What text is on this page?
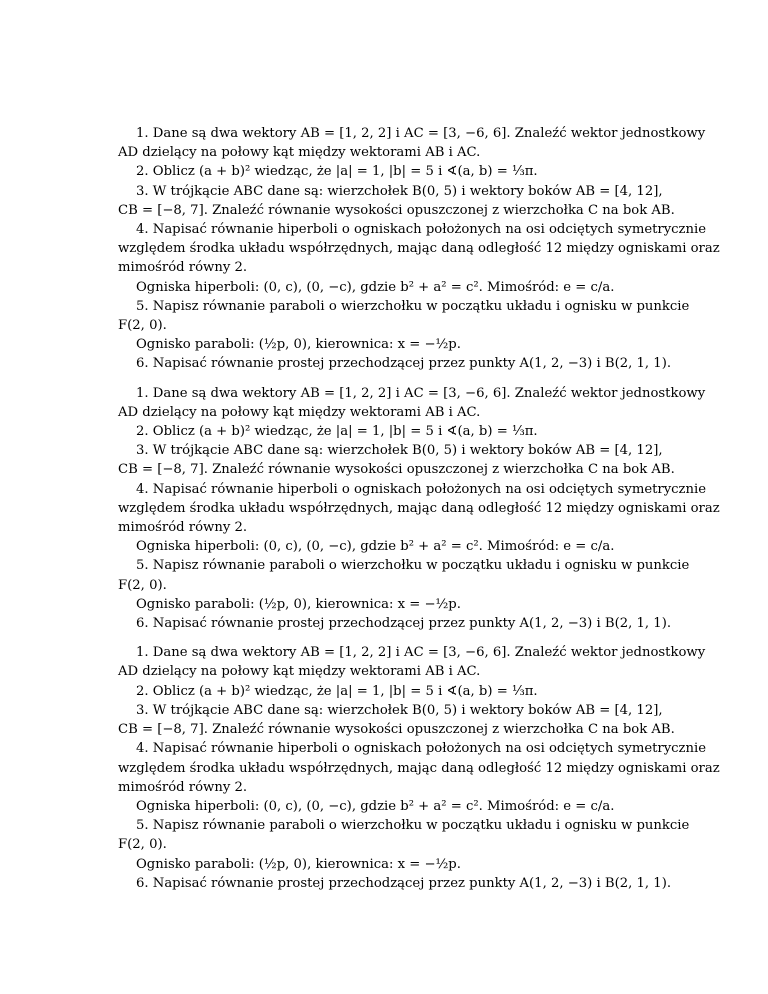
1. Dane są dwa wektory AB = [1, 2, 2] i AC = [3, −6, 6]. Znaleźć wektor jednostkowy
AD dzielący na połowy kąt między wektorami AB i AC.
2. Oblicz (a + b)² wiedząc, że |a| = 1, |b| = 5 i ∢(a, b) = ⅓π.
3. W trójkącie ABC dane są: wierzchołek B(0, 5) i wektory boków AB = [4, 12],
CB = [−8, 7]. Znaleźć równanie wysokości opuszczonej z wierzchołka C na bok AB.
4. Napisać równanie hiperboli o ogniskach położonych na osi odciętych symetrycznie
względem środka układu współrzędnych, mając daną odległość 12 między ogniskami oraz
mimośród równy 2.
Ogniska hiperboli: (0, c), (0, −c), gdzie b² + a² = c². Mimośród: e = c/a.
5. Napisz równanie paraboli o wierzchołku w początku układu i ognisku w punkcie
F(2, 0).
Ognisko paraboli: (½p, 0), kierownica: x = −½p.
6. Napisać równanie prostej przechodzącej przez punkty A(1, 2, −3) i B(2, 1, 1).
1. Dane są dwa wektory AB = [1, 2, 2] i AC = [3, −6, 6]. Znaleźć wektor jednostkowy
AD dzielący na połowy kąt między wektorami AB i AC.
2. Oblicz (a + b)² wiedząc, że |a| = 1, |b| = 5 i ∢(a, b) = ⅓π.
3. W trójkącie ABC dane są: wierzchołek B(0, 5) i wektory boków AB = [4, 12],
CB = [−8, 7]. Znaleźć równanie wysokości opuszczonej z wierzchołka C na bok AB.
4. Napisać równanie hiperboli o ogniskach położonych na osi odciętych symetrycznie
względem środka układu współrzędnych, mając daną odległość 12 między ogniskami oraz
mimośród równy 2.
Ogniska hiperboli: (0, c), (0, −c), gdzie b² + a² = c². Mimośród: e = c/a.
5. Napisz równanie paraboli o wierzchołku w początku układu i ognisku w punkcie
F(2, 0).
Ognisko paraboli: (½p, 0), kierownica: x = −½p.
6. Napisać równanie prostej przechodzącej przez punkty A(1, 2, −3) i B(2, 1, 1).
1. Dane są dwa wektory AB = [1, 2, 2] i AC = [3, −6, 6]. Znaleźć wektor jednostkowy
AD dzielący na połowy kąt między wektorami AB i AC.
2. Oblicz (a + b)² wiedząc, że |a| = 1, |b| = 5 i ∢(a, b) = ⅓π.
3. W trójkącie ABC dane są: wierzchołek B(0, 5) i wektory boków AB = [4, 12],
CB = [−8, 7]. Znaleźć równanie wysokości opuszczonej z wierzchołka C na bok AB.
4. Napisać równanie hiperboli o ogniskach położonych na osi odciętych symetrycznie
względem środka układu współrzędnych, mając daną odległość 12 między ogniskami oraz
mimośród równy 2.
Ogniska hiperboli: (0, c), (0, −c), gdzie b² + a² = c². Mimośród: e = c/a.
5. Napisz równanie paraboli o wierzchołku w początku układu i ognisku w punkcie
F(2, 0).
Ognisko paraboli: (½p, 0), kierownica: x = −½p.
6. Napisać równanie prostej przechodzącej przez punkty A(1, 2, −3) i B(2, 1, 1).
